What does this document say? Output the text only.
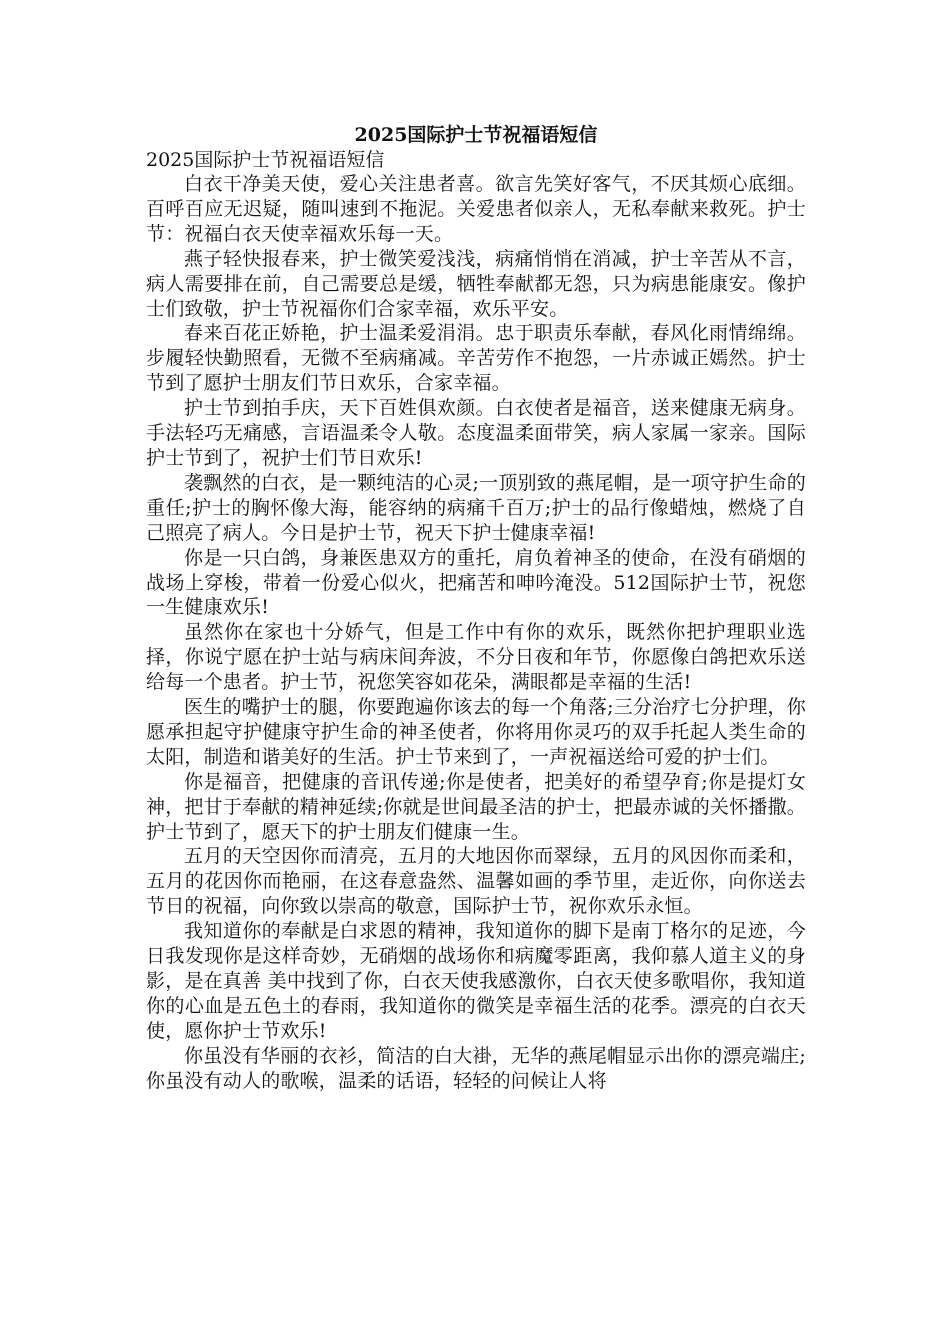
2025国际护士节祝福语短信

2025国际护士节祝福语短信

白衣干净美天使，爱心关注患者喜。欲言先笑好客气，不厌其烦心底细。百呼百应无迟疑，随叫速到不拖泥。关爱患者似亲人，无私奉献来救死。护士节：祝福白衣天使幸福欢乐每一天。

燕子轻快报春来，护士微笑爱浅浅，病痛悄悄在消减，护士辛苦从不言，病人需要排在前，自己需要总是缓，牺牲奉献都无怨，只为病患能康安。像护士们致敬，护士节祝福你们合家幸福，欢乐平安。

春来百花正娇艳，护士温柔爱涓涓。忠于职责乐奉献，春风化雨情绵绵。步履轻快勤照看，无微不至病痛减。辛苦劳作不抱怨，一片赤诚正嫣然。护士节到了愿护士朋友们节日欢乐，合家幸福。

护士节到拍手庆，天下百姓俱欢颜。白衣使者是福音，送来健康无病身。手法轻巧无痛感，言语温柔令人敬。态度温柔面带笑，病人家属一家亲。国际护士节到了，祝护士们节日欢乐!

袭飘然的白衣，是一颗纯洁的心灵;一顶别致的燕尾帽，是一项守护生命的重任;护士的胸怀像大海，能容纳的病痛千百万;护士的品行像蜡烛，燃烧了自己照亮了病人。今日是护士节，祝天下护士健康幸福!

你是一只白鸽，身兼医患双方的重托，肩负着神圣的使命，在没有硝烟的战场上穿梭，带着一份爱心似火，把痛苦和呻吟淹没。512国际护士节，祝您一生健康欢乐!

虽然你在家也十分娇气，但是工作中有你的欢乐，既然你把护理职业选择，你说宁愿在护士站与病床间奔波，不分日夜和年节，你愿像白鸽把欢乐送给每一个患者。护士节，祝您笑容如花朵，满眼都是幸福的生活!

医生的嘴护士的腿，你要跑遍你该去的每一个角落;三分治疗七分护理，你愿承担起守护健康守护生命的神圣使者，你将用你灵巧的双手托起人类生命的太阳，制造和谐美好的生活。护士节来到了，一声祝福送给可爱的护士们。

你是福音，把健康的音讯传递;你是使者，把美好的希望孕育;你是提灯女神，把甘于奉献的精神延续;你就是世间最圣洁的护士，把最赤诚的关怀播撒。护士节到了，愿天下的护士朋友们健康一生。

五月的天空因你而清亮，五月的大地因你而翠绿，五月的风因你而柔和，五月的花因你而艳丽，在这春意盎然、温馨如画的季节里，走近你，向你送去节日的祝福，向你致以崇高的敬意，国际护士节，祝你欢乐永恒。

我知道你的奉献是白求恩的精神，我知道你的脚下是南丁格尔的足迹，今日我发现你是这样奇妙，无硝烟的战场你和病魔零距离，我仰慕人道主义的身影，是在真善 美中找到了你，白衣天使我感激你，白衣天使多歌唱你，我知道你的心血是五色土的春雨，我知道你的微笑是幸福生活的花季。漂亮的白衣天使，愿你护士节欢乐!

你虽没有华丽的衣衫，简洁的白大褂，无华的燕尾帽显示出你的漂亮端庄;你虽没有动人的歌喉，温柔的话语，轻轻的问候让人将
